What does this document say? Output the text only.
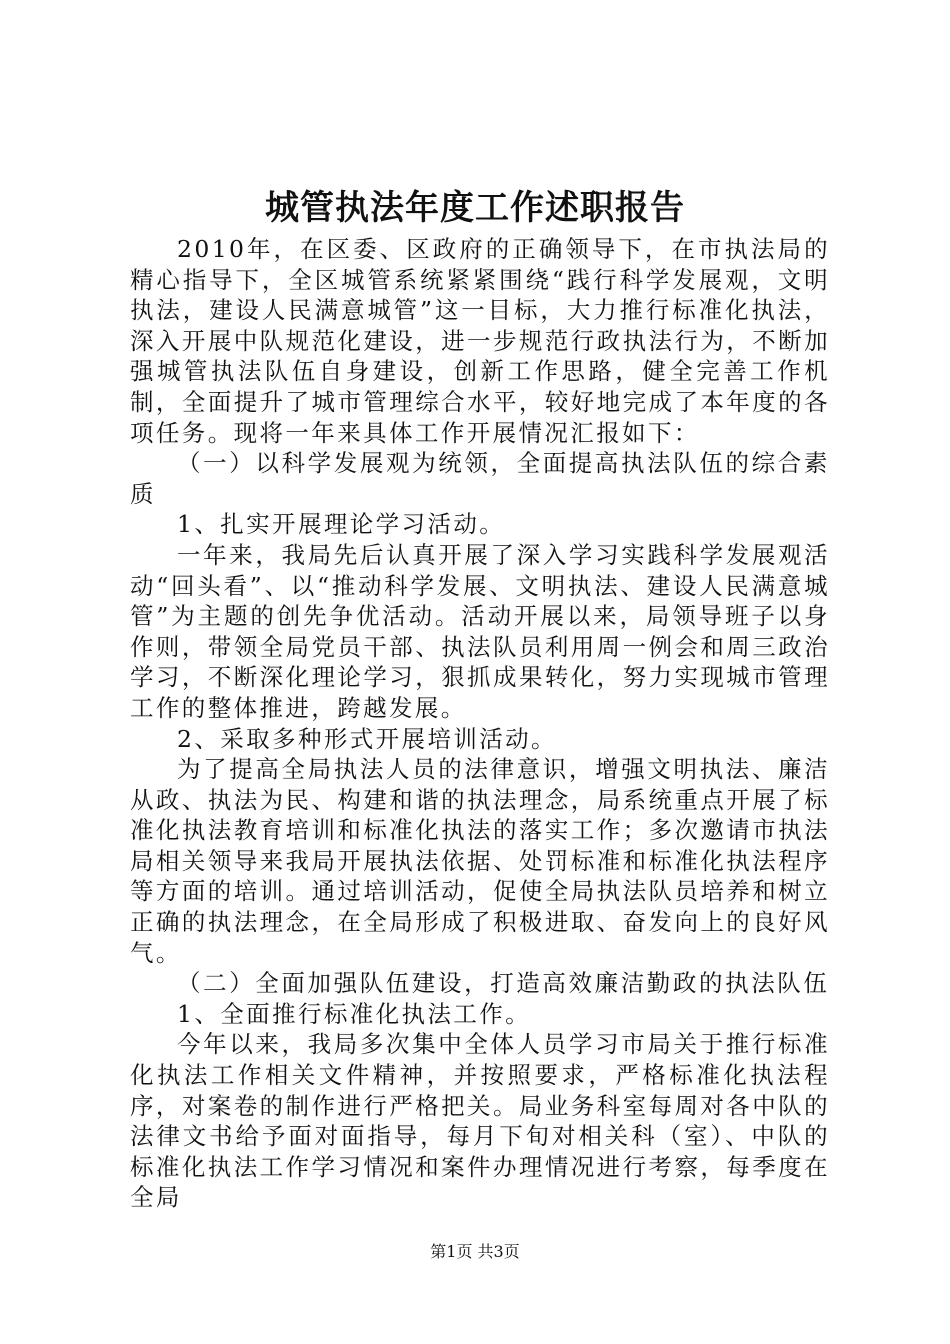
城管执法年度工作述职报告

2010年，在区委、区政府的正确领导下，在市执法局的精心指导下，全区城管系统紧紧围绕“践行科学发展观，文明执法，建设人民满意城管”这一目标，大力推行标准化执法，深入开展中队规范化建设，进一步规范行政执法行为，不断加强城管执法队伍自身建设，创新工作思路，健全完善工作机制，全面提升了城市管理综合水平，较好地完成了本年度的各项任务。现将一年来具体工作开展情况汇报如下：

（一）以科学发展观为统领，全面提高执法队伍的综合素质

1、扎实开展理论学习活动。

一年来，我局先后认真开展了深入学习实践科学发展观活动“回头看”、以“推动科学发展、文明执法、建设人民满意城管”为主题的创先争优活动。活动开展以来，局领导班子以身作则，带领全局党员干部、执法队员利用周一例会和周三政治学习，不断深化理论学习，狠抓成果转化，努力实现城市管理工作的整体推进，跨越发展。

2、采取多种形式开展培训活动。

为了提高全局执法人员的法律意识，增强文明执法、廉洁从政、执法为民、构建和谐的执法理念，局系统重点开展了标准化执法教育培训和标准化执法的落实工作；多次邀请市执法局相关领导来我局开展执法依据、处罚标准和标准化执法程序等方面的培训。通过培训活动，促使全局执法队员培养和树立正确的执法理念，在全局形成了积极进取、奋发向上的良好风气。

（二）全面加强队伍建设，打造高效廉洁勤政的执法队伍

1、全面推行标准化执法工作。

今年以来，我局多次集中全体人员学习市局关于推行标准化执法工作相关文件精神，并按照要求，严格标准化执法程序，对案卷的制作进行严格把关。局业务科室每周对各中队的法律文书给予面对面指导，每月下旬对相关科（室）、中队的标准化执法工作学习情况和案件办理情况进行考察，每季度在全局

第1页 共3页
